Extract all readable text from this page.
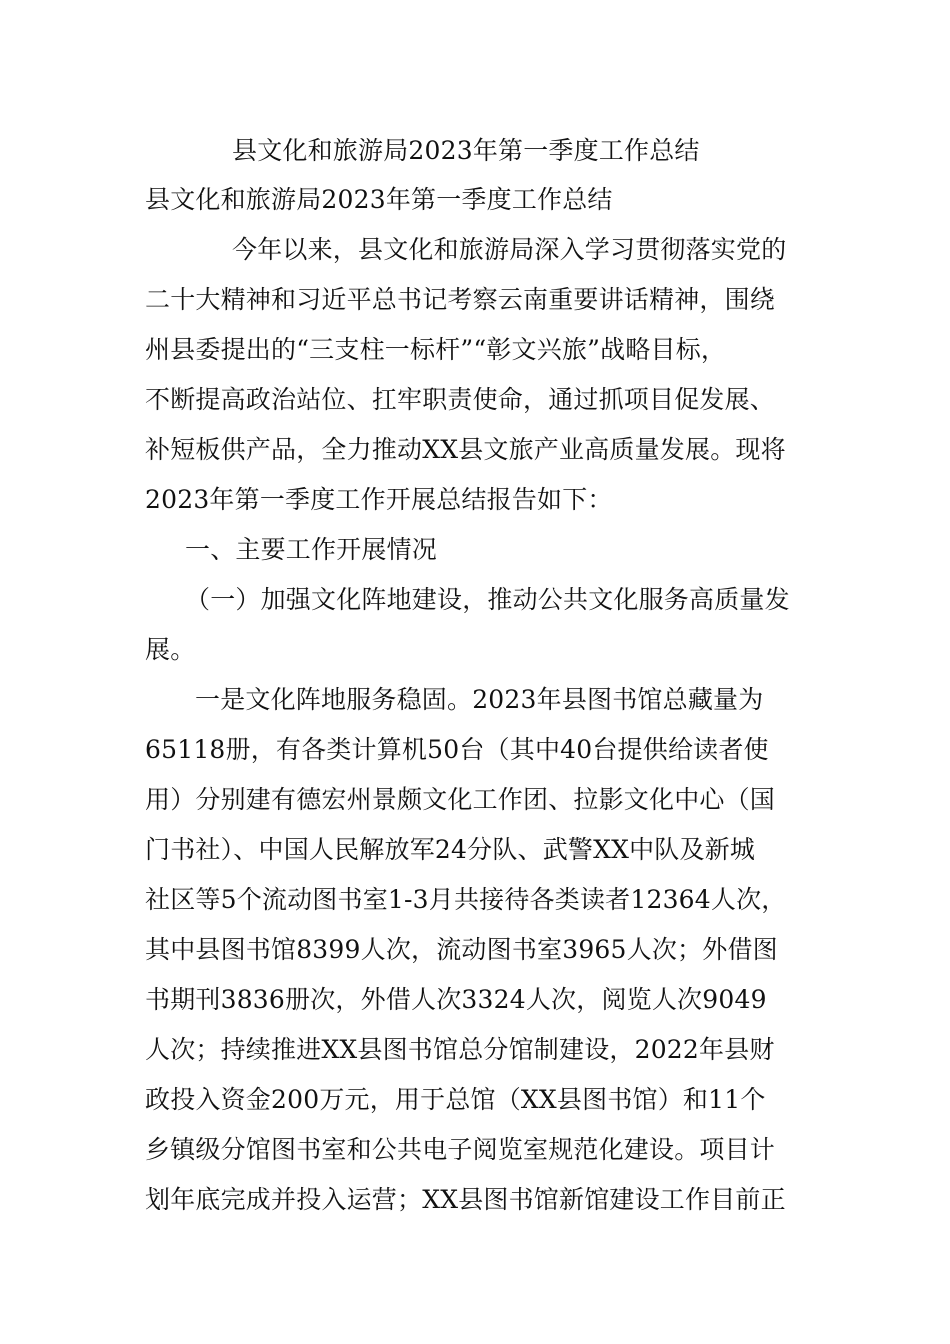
县文化和旅游局2023年第一季度工作总结
县文化和旅游局2023年第一季度工作总结
今年以来，县文化和旅游局深入学习贯彻落实党的
二十大精神和习近平总书记考察云南重要讲话精神，围绕
州县委提出的“三支柱一标杆”“彰文兴旅”战略目标，
不断提高政治站位、扛牢职责使命，通过抓项目促发展、
补短板供产品，全力推动XX县文旅产业高质量发展。现将
2023年第一季度工作开展总结报告如下：
一、主要工作开展情况
（一）加强文化阵地建设，推动公共文化服务高质量发
展。
一是文化阵地服务稳固。2023年县图书馆总藏量为
65118册，有各类计算机50台（其中40台提供给读者使
用）分别建有德宏州景颇文化工作团、拉影文化中心（国
门书社）、中国人民解放军24分队、武警XX中队及新城
社区等5个流动图书室1-3月共接待各类读者12364人次，
其中县图书馆8399人次，流动图书室3965人次；外借图
书期刊3836册次，外借人次3324人次，阅览人次9049
人次；持续推进XX县图书馆总分馆制建设，2022年县财
政投入资金200万元，用于总馆（XX县图书馆）和11个
乡镇级分馆图书室和公共电子阅览室规范化建设。项目计
划年底完成并投入运营；XX县图书馆新馆建设工作目前正
